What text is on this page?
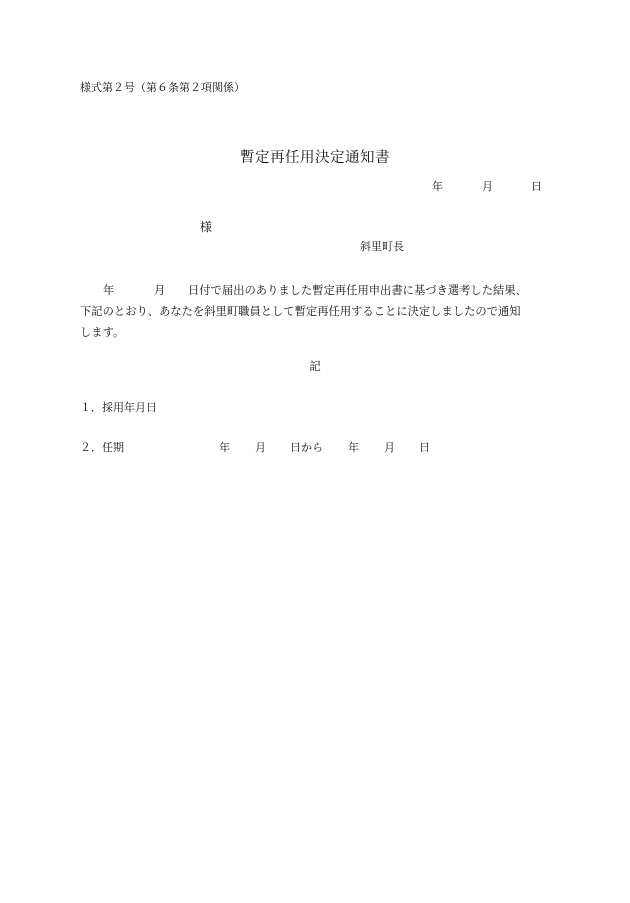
様式第２号（第６条第２項関係）
暫定再任用決定通知書
年	月	日
様
斜里町長
年	月 日付で届出のありました暫定再任用申出書に基づき選考した結果、
下記のとおり、あなたを斜里町職員として暫定再任用することに決定しましたので通知
します。
記
１．採用年月日
２．任期	年 月 日から 年 月 日
